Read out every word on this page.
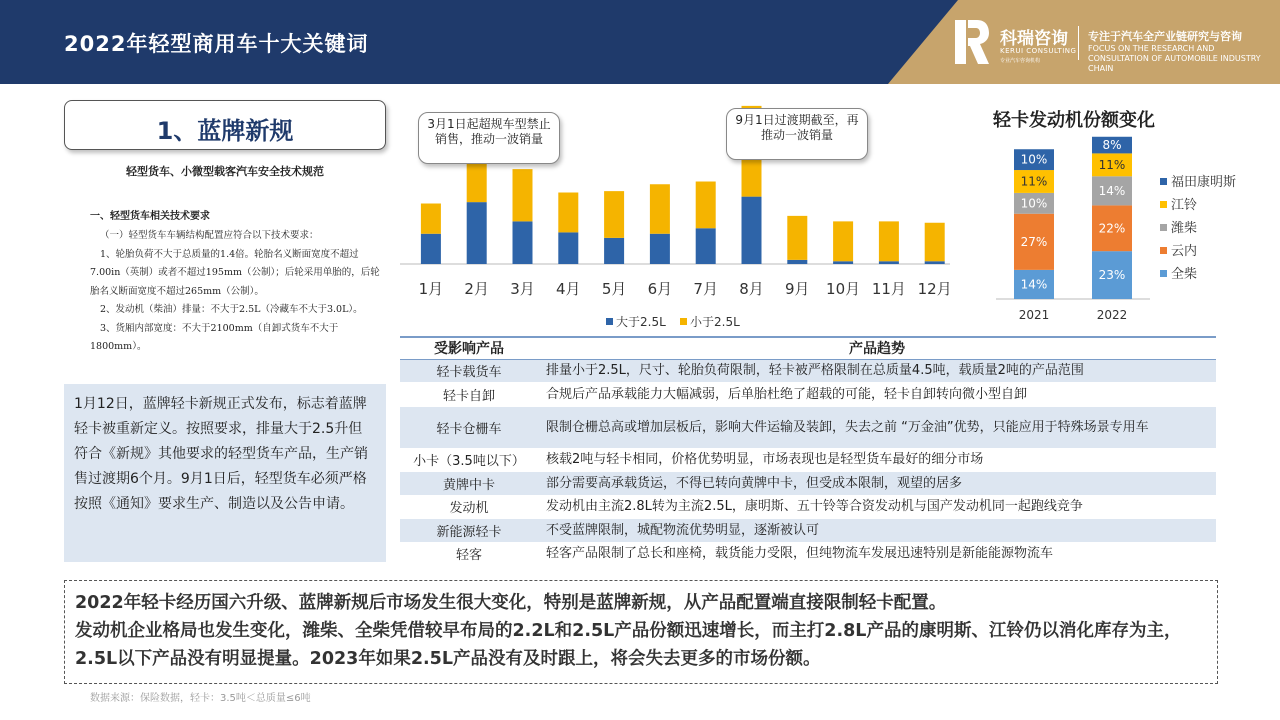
2022年轻型商用车十大关键词	科瑞咨询
KERUI CONSULTING
专业汽车咨询机构
专注于汽车全产业链研究与咨询
FOCUS ON THE RESEARCH AND CONSULTATION OF AUTOMOBILE INDUSTRY CHAIN
1、蓝牌新规
轻型货车、小微型载客汽车安全技术规范
一、轻型货车相关技术要求
（一）轻型货车车辆结构配置应符合以下技术要求：
1、轮胎负荷不大于总质量的1.4倍。轮胎名义断面宽度不超过7.00in（英制）或者不超过195mm（公制）；后轮采用单胎的，后轮胎名义断面宽度不超过265mm（公制）。
2、发动机（柴油）排量：不大于2.5L（冷藏车不大于3.0L）。
3、货厢内部宽度：不大于2100mm（自卸式货车不大于1800mm）。
1月12日，蓝牌轻卡新规正式发布，标志着蓝牌轻卡被重新定义。按照要求，排量大于2.5升但符合《新规》其他要求的轻型货车产品，生产销售过渡期6个月。9月1日后，轻型货车必须严格按照《通知》要求生产、制造以及公告申请。
1月 2月 3月 4月 5月 6月 7月 8月 9月 10月 11月 12月
大于2.5L 小于2.5L
轻卡发动机份额变化
14%
27%
10%
11%
10%
2021
23%
22%
14%
11%
8%
2022
福田康明斯
江铃
潍柴
云内
全柴
3月1日起超规车型禁止销售，推动一波销量
9月1日过渡期截至，再推动一波销量
受影响产品	产品趋势
轻卡载货车	排量小于2.5L，尺寸、轮胎负荷限制，轻卡被严格限制在总质量4.5吨，载质量2吨的产品范围
轻卡自卸	合规后产品承载能力大幅减弱，后单胎杜绝了超载的可能，轻卡自卸转向微小型自卸
轻卡仓栅车	限制仓栅总高或增加层板后，影响大件运输及装卸，失去之前 “万金油”优势，只能应用于特殊场景专用车
小卡（3.5吨以下）	核载2吨与轻卡相同，价格优势明显，市场表现也是轻型货车最好的细分市场
黄牌中卡	部分需要高承载货运，不得已转向黄牌中卡，但受成本限制，观望的居多
发动机	发动机由主流2.8L转为主流2.5L，康明斯、五十铃等合资发动机与国产发动机同一起跑线竞争
新能源轻卡	不受蓝牌限制，城配物流优势明显，逐渐被认可
轻客	轻客产品限制了总长和座椅，载货能力受限，但纯物流车发展迅速特别是新能能源物流车
2022年轻卡经历国六升级、蓝牌新规后市场发生很大变化，特别是蓝牌新规，从产品配置端直接限制轻卡配置。
发动机企业格局也发生变化，潍柴、全柴凭借较早布局的2.2L和2.5L产品份额迅速增长，而主打2.8L产品的康明斯、江铃仍以消化库存为主，2.5L以下产品没有明显提量。2023年如果2.5L产品没有及时跟上，将会失去更多的市场份额。
数据来源：保险数据，轻卡：3.5吨＜总质量≤6吨
